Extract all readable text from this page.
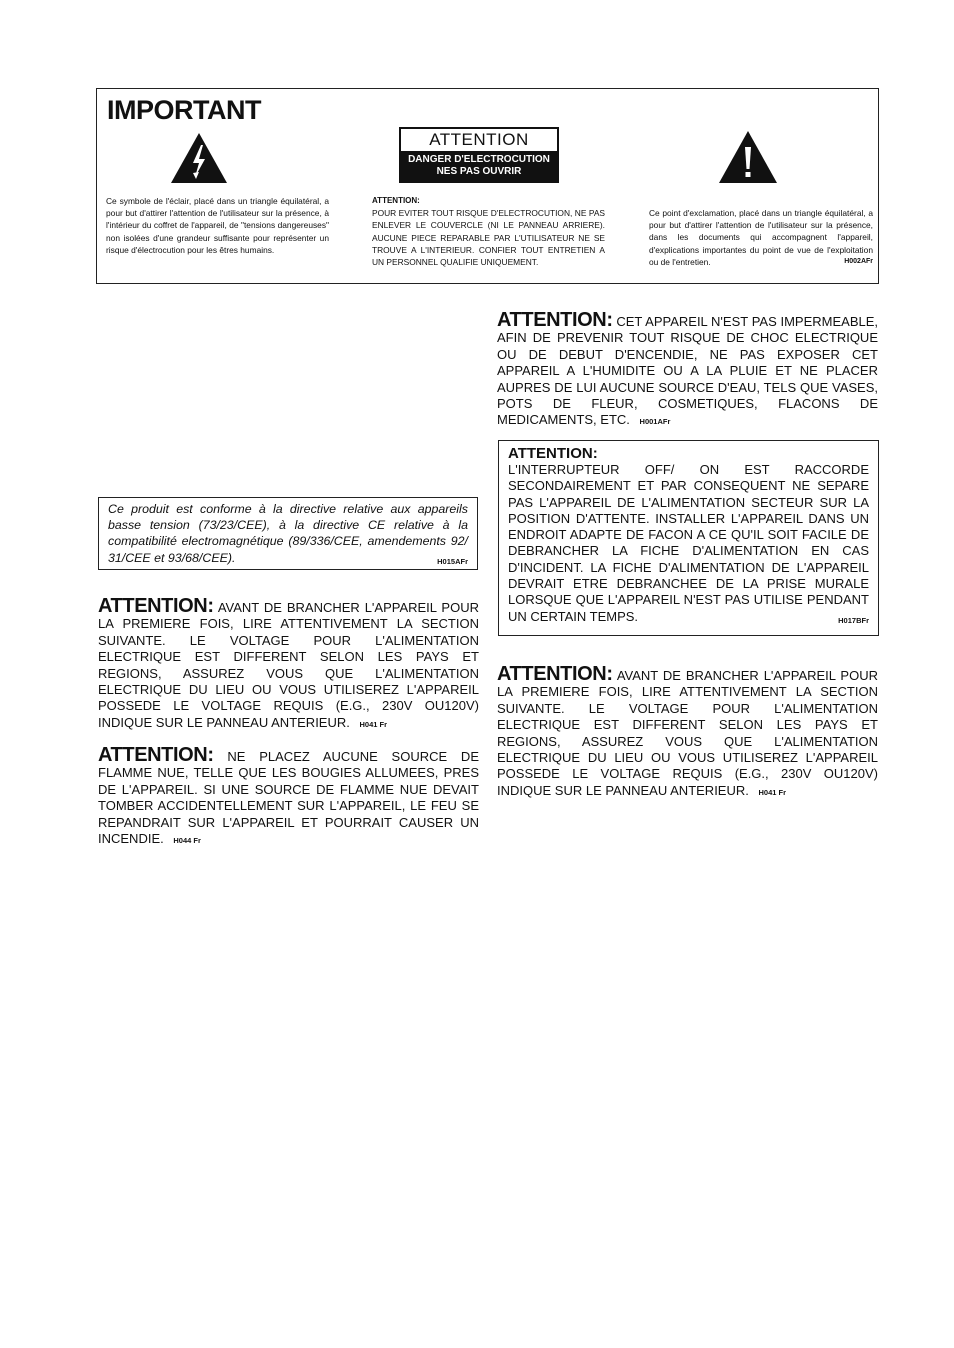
IMPORTANT

Ce symbole de l'éclair, placé dans un triangle équilatéral, a pour but d'attirer l'attention de l'utilisateur sur la présence, à l'intérieur du coffret de l'appareil, de "tensions dangereuses" non isolées d'une grandeur suffisante pour représenter un risque d'électrocution pour les êtres humains.

ATTENTION
DANGER D'ELECTROCUTION
NES PAS OUVRIR
ATTENTION:
POUR EVITER TOUT RISQUE D'ELECTROCUTION, NE PAS ENLEVER LE COUVERCLE (NI LE PANNEAU ARRIERE). AUCUNE PIECE REPARABLE PAR L'UTILISATEUR NE SE TROUVE A L'INTERIEUR. CONFIER TOUT ENTRETIEN A UN PERSONNEL QUALIFIE UNIQUEMENT.
Ce point d'exclamation, placé dans un triangle équilatéral, a pour but d'attirer l'attention de l'utilisateur sur la présence, dans les documents qui accompagnent l'appareil, d'explications importantes du point de vue de l'exploitation ou de l'entretien.	H002AFr

Ce produit est conforme à la directive relative aux appareils basse tension (73/23/CEE), à la directive CE relative à la compatibilité electromagnétique (89/336/CEE, amendements 92/ 31/CEE et 93/68/CEE).	H015AFr

ATTENTION: AVANT DE BRANCHER L'APPAREIL POUR LA PREMIERE FOIS, LIRE ATTENTIVEMENT LA SECTION SUIVANTE. LE VOLTAGE POUR L'ALIMENTATION ELECTRIQUE EST DIFFERENT SELON LES PAYS ET REGIONS, ASSUREZ VOUS QUE L'ALIMENTATION ELECTRIQUE DU LIEU OU VOUS UTILISEREZ L'APPAREIL POSSEDE LE VOLTAGE REQUIS (E.G., 230V OU120V) INDIQUE SUR LE PANNEAU ANTERIEUR. H041 Fr

ATTENTION: NE PLACEZ AUCUNE SOURCE DE FLAMME NUE, TELLE QUE LES BOUGIES ALLUMEES, PRES DE L'APPAREIL. SI UNE SOURCE DE FLAMME NUE DEVAIT TOMBER ACCIDENTELLEMENT SUR L'APPAREIL, LE FEU SE REPANDRAIT SUR L'APPAREIL ET POURRAIT CAUSER UN INCENDIE. H044 Fr

ATTENTION: CET APPAREIL N'EST PAS IMPERMEABLE, AFIN DE PREVENIR TOUT RISQUE DE CHOC ELECTRIQUE OU DE DEBUT D'ENCENDIE, NE PAS EXPOSER CET APPAREIL A L'HUMIDITE OU A LA PLUIE ET NE PLACER AUPRES DE LUI AUCUNE SOURCE D'EAU, TELS QUE VASES, POTS DE FLEUR, COSMETIQUES, FLACONS DE MEDICAMENTS, ETC. H001AFr

ATTENTION:

L'INTERRUPTEUR OFF/ ON EST RACCORDE SECONDAIREMENT ET PAR CONSEQUENT NE SEPARE PAS L'APPAREIL DE L'ALIMENTATION SECTEUR SUR LA POSITION D'ATTENTE. INSTALLER L'APPAREIL DANS UN ENDROIT ADAPTE DE FACON A CE QU'IL SOIT FACILE DE DEBRANCHER LA FICHE D'ALIMENTATION EN CAS D'INCIDENT. LA FICHE D'ALIMENTATION DE L'APPAREIL DEVRAIT ETRE DEBRANCHEE DE LA PRISE MURALE LORSQUE QUE L'APPAREIL N'EST PAS UTILISE PENDANT UN CERTAIN TEMPS.	H017BFr

ATTENTION: AVANT DE BRANCHER L'APPAREIL POUR LA PREMIERE FOIS, LIRE ATTENTIVEMENT LA SECTION SUIVANTE. LE VOLTAGE POUR L'ALIMENTATION ELECTRIQUE EST DIFFERENT SELON LES PAYS ET REGIONS, ASSUREZ VOUS QUE L'ALIMENTATION ELECTRIQUE DU LIEU OU VOUS UTILISEREZ L'APPAREIL POSSEDE LE VOLTAGE REQUIS (E.G., 230V OU120V) INDIQUE SUR LE PANNEAU ANTERIEUR. H041 Fr
